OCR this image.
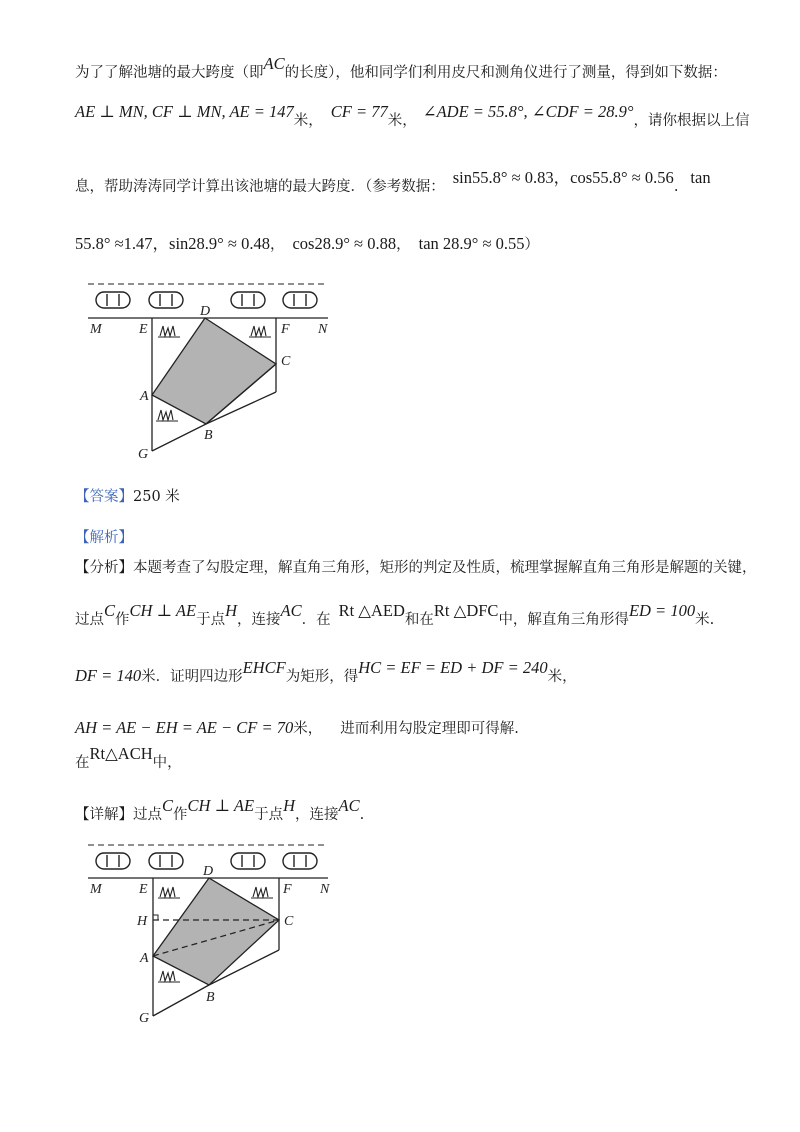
为了了解池塘的最大跨度（即AC的长度），他和同学们利用皮尺和测角仪进行了测量，得到如下数据：
AE ⊥ MN, CF ⊥ MN, AE = 147米， CF = 77米， ∠ADE = 55.8°, ∠CDF = 28.9°，请你根据以上信
息，帮助涛涛同学计算出该池塘的最大跨度．（参考数据： sin55.8° ≈ 0.83，cos55.8° ≈ 0.56. tan
55.8° ≈1.47，sin28.9° ≈ 0.48， cos28.9° ≈ 0.88， tan 28.9° ≈ 0.55）
M	E
D
F N
C
A
B
G
【答案】250 米
【解析】
【分析】本题考查了勾股定理，解直角三角形，矩形的判定及性质，梳理掌握解直角三角形是解题的关键，
过点C作CH ⊥ AE于点H，连接AC．在 Rt △AED和在Rt △DFC中，解直角三角形得ED = 100米.
DF = 140米．证明四边形EHCF为矩形，得HC = EF = ED + DF = 240米，
AH = AE − EH = AE − CF = 70米， 进而利用勾股定理即可得解.
在Rt△ACH中，
【详解】过点C作CH ⊥ AE于点H，连接AC.
M	E
D
F N
H	C
A
B
G
